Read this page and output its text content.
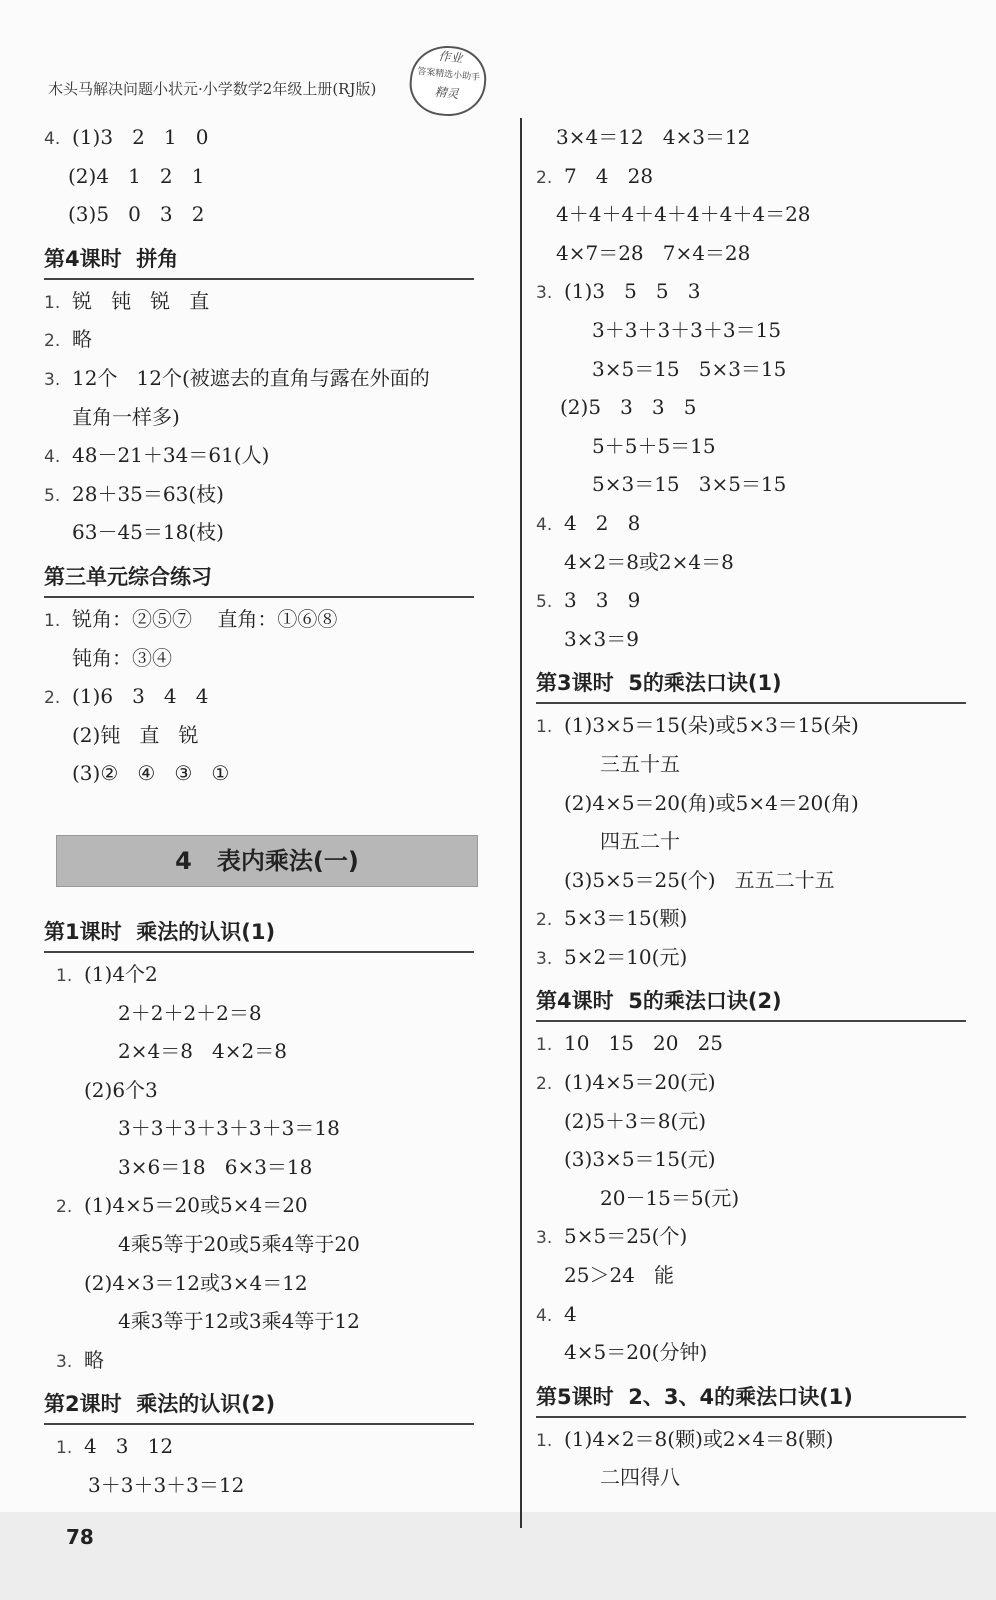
木头马解决问题小状元·小学数学2年级上册(RJ版)
作业
答案精选小助手
精灵
4. (1)3   2   1   0
(2)4   1   2   1
(3)5   0   3   2
第4课时  拼角
1. 锐   钝   锐   直
2. 略
3. 12个   12个(被遮去的直角与露在外面的
直角一样多)
4. 48－21＋34＝61(人)
5. 28＋35＝63(枝)
63－45＝18(枝)
第三单元综合练习
1. 锐角：②⑤⑦    直角：①⑥⑧
钝角：③④
2. (1)6   3   4   4
(2)钝   直   锐
(3)②   ④   ③   ①
4   表内乘法(一)
第1课时  乘法的认识(1)
1. (1)4个2
2＋2＋2＋2＝8
2×4＝8   4×2＝8
(2)6个3
3＋3＋3＋3＋3＋3＝18
3×6＝18   6×3＝18
2. (1)4×5＝20或5×4＝20
4乘5等于20或5乘4等于20
(2)4×3＝12或3×4＝12
4乘3等于12或3乘4等于12
3. 略
第2课时  乘法的认识(2)
1. 4   3   12
3＋3＋3＋3＝12
3×4＝12   4×3＝12
2. 7   4   28
4＋4＋4＋4＋4＋4＋4＝28
4×7＝28   7×4＝28
3. (1)3   5   5   3
3＋3＋3＋3＋3＝15
3×5＝15   5×3＝15
(2)5   3   3   5
5＋5＋5＝15
5×3＝15   3×5＝15
4. 4   2   8
4×2＝8或2×4＝8
5. 3   3   9
3×3＝9
第3课时  5的乘法口诀(1)
1. (1)3×5＝15(朵)或5×3＝15(朵)
三五十五
(2)4×5＝20(角)或5×4＝20(角)
四五二十
(3)5×5＝25(个)   五五二十五
2. 5×3＝15(颗)
3. 5×2＝10(元)
第4课时  5的乘法口诀(2)
1. 10   15   20   25
2. (1)4×5＝20(元)
(2)5＋3＝8(元)
(3)3×5＝15(元)
20－15＝5(元)
3. 5×5＝25(个)
25＞24   能
4. 4
4×5＝20(分钟)
第5课时  2、3、4的乘法口诀(1)
1. (1)4×2＝8(颗)或2×4＝8(颗)
二四得八
78
